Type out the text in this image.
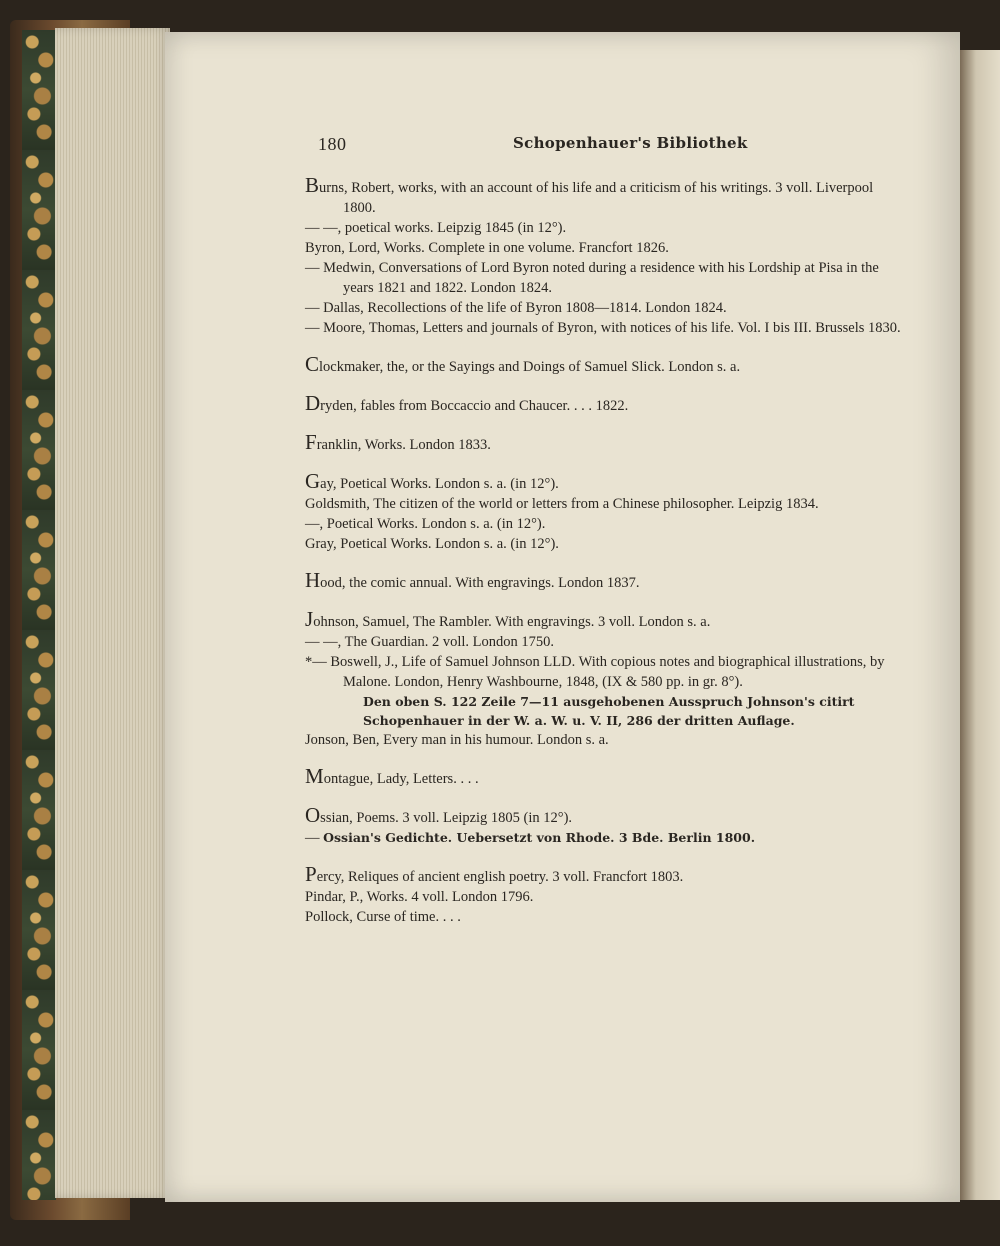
180	Schopenhauer's Bibliothek

Burns, Robert, works, with an account of his life and a criticism of his writings. 3 voll. Liverpool 1800.

— —, poetical works. Leipzig 1845 (in 12°).

Byron, Lord, Works. Complete in one volume. Francfort 1826.

— Medwin, Conversations of Lord Byron noted during a residence with his Lordship at Pisa in the years 1821 and 1822. London 1824.

— Dallas, Recollections of the life of Byron 1808—1814. London 1824.

— Moore, Thomas, Letters and journals of Byron, with notices of his life. Vol. I bis III. Brussels 1830.

Clockmaker, the, or the Sayings and Doings of Samuel Slick. London s. a.

Dryden, fables from Boccaccio and Chaucer. . . . 1822.

Franklin, Works. London 1833.

Gay, Poetical Works. London s. a. (in 12°).

Goldsmith, The citizen of the world or letters from a Chinese philosopher. Leipzig 1834.

—, Poetical Works. London s. a. (in 12°).

Gray, Poetical Works. London s. a. (in 12°).

Hood, the comic annual. With engravings. London 1837.

Johnson, Samuel, The Rambler. With engravings. 3 voll. London s. a.

— —, The Guardian. 2 voll. London 1750.

*— Boswell, J., Life of Samuel Johnson LLD. With copious notes and biographical illustrations, by Malone. London, Henry Washbourne, 1848, (IX & 580 pp. in gr. 8°).

Den oben S. 122 Zeile 7—11 ausgehobenen Ausspruch Johnson's citirt Schopenhauer in der W. a. W. u. V. II, 286 der dritten Auflage.

Jonson, Ben, Every man in his humour. London s. a.

Montague, Lady, Letters. . . .

Ossian, Poems. 3 voll. Leipzig 1805 (in 12°).

— Ossian's Gedichte. Uebersetzt von Rhode. 3 Bde. Berlin 1800.

Percy, Reliques of ancient english poetry. 3 voll. Francfort 1803.

Pindar, P., Works. 4 voll. London 1796.

Pollock, Curse of time. . . .
